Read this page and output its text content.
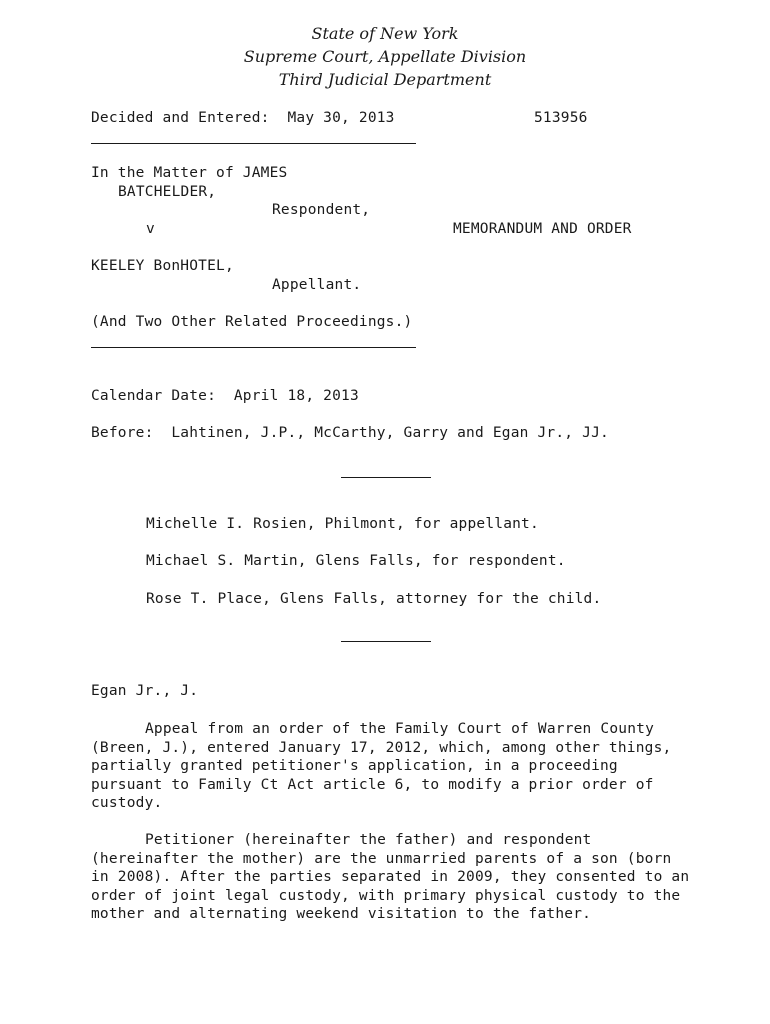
State of New York
Supreme Court, Appellate Division
Third Judicial Department
Decided and Entered:  May 30, 2013	513956
In the Matter of JAMES
BATCHELDER,
Respondent,
v	MEMORANDUM AND ORDER
KEELEY BonHOTEL,
Appellant.
(And Two Other Related Proceedings.)
Calendar Date:  April 18, 2013
Before:  Lahtinen, J.P., McCarthy, Garry and Egan Jr., JJ.
Michelle I. Rosien, Philmont, for appellant.
Michael S. Martin, Glens Falls, for respondent.
Rose T. Place, Glens Falls, attorney for the child.
Egan Jr., J.
Appeal from an order of the Family Court of Warren County (Breen, J.), entered January 17, 2012, which, among other things, partially granted petitioner's application, in a proceeding pursuant to Family Ct Act article 6, to modify a prior order of custody.
Petitioner (hereinafter the father) and respondent (hereinafter the mother) are the unmarried parents of a son (born in 2008). After the parties separated in 2009, they consented to an order of joint legal custody, with primary physical custody to the mother and alternating weekend visitation to the father.
